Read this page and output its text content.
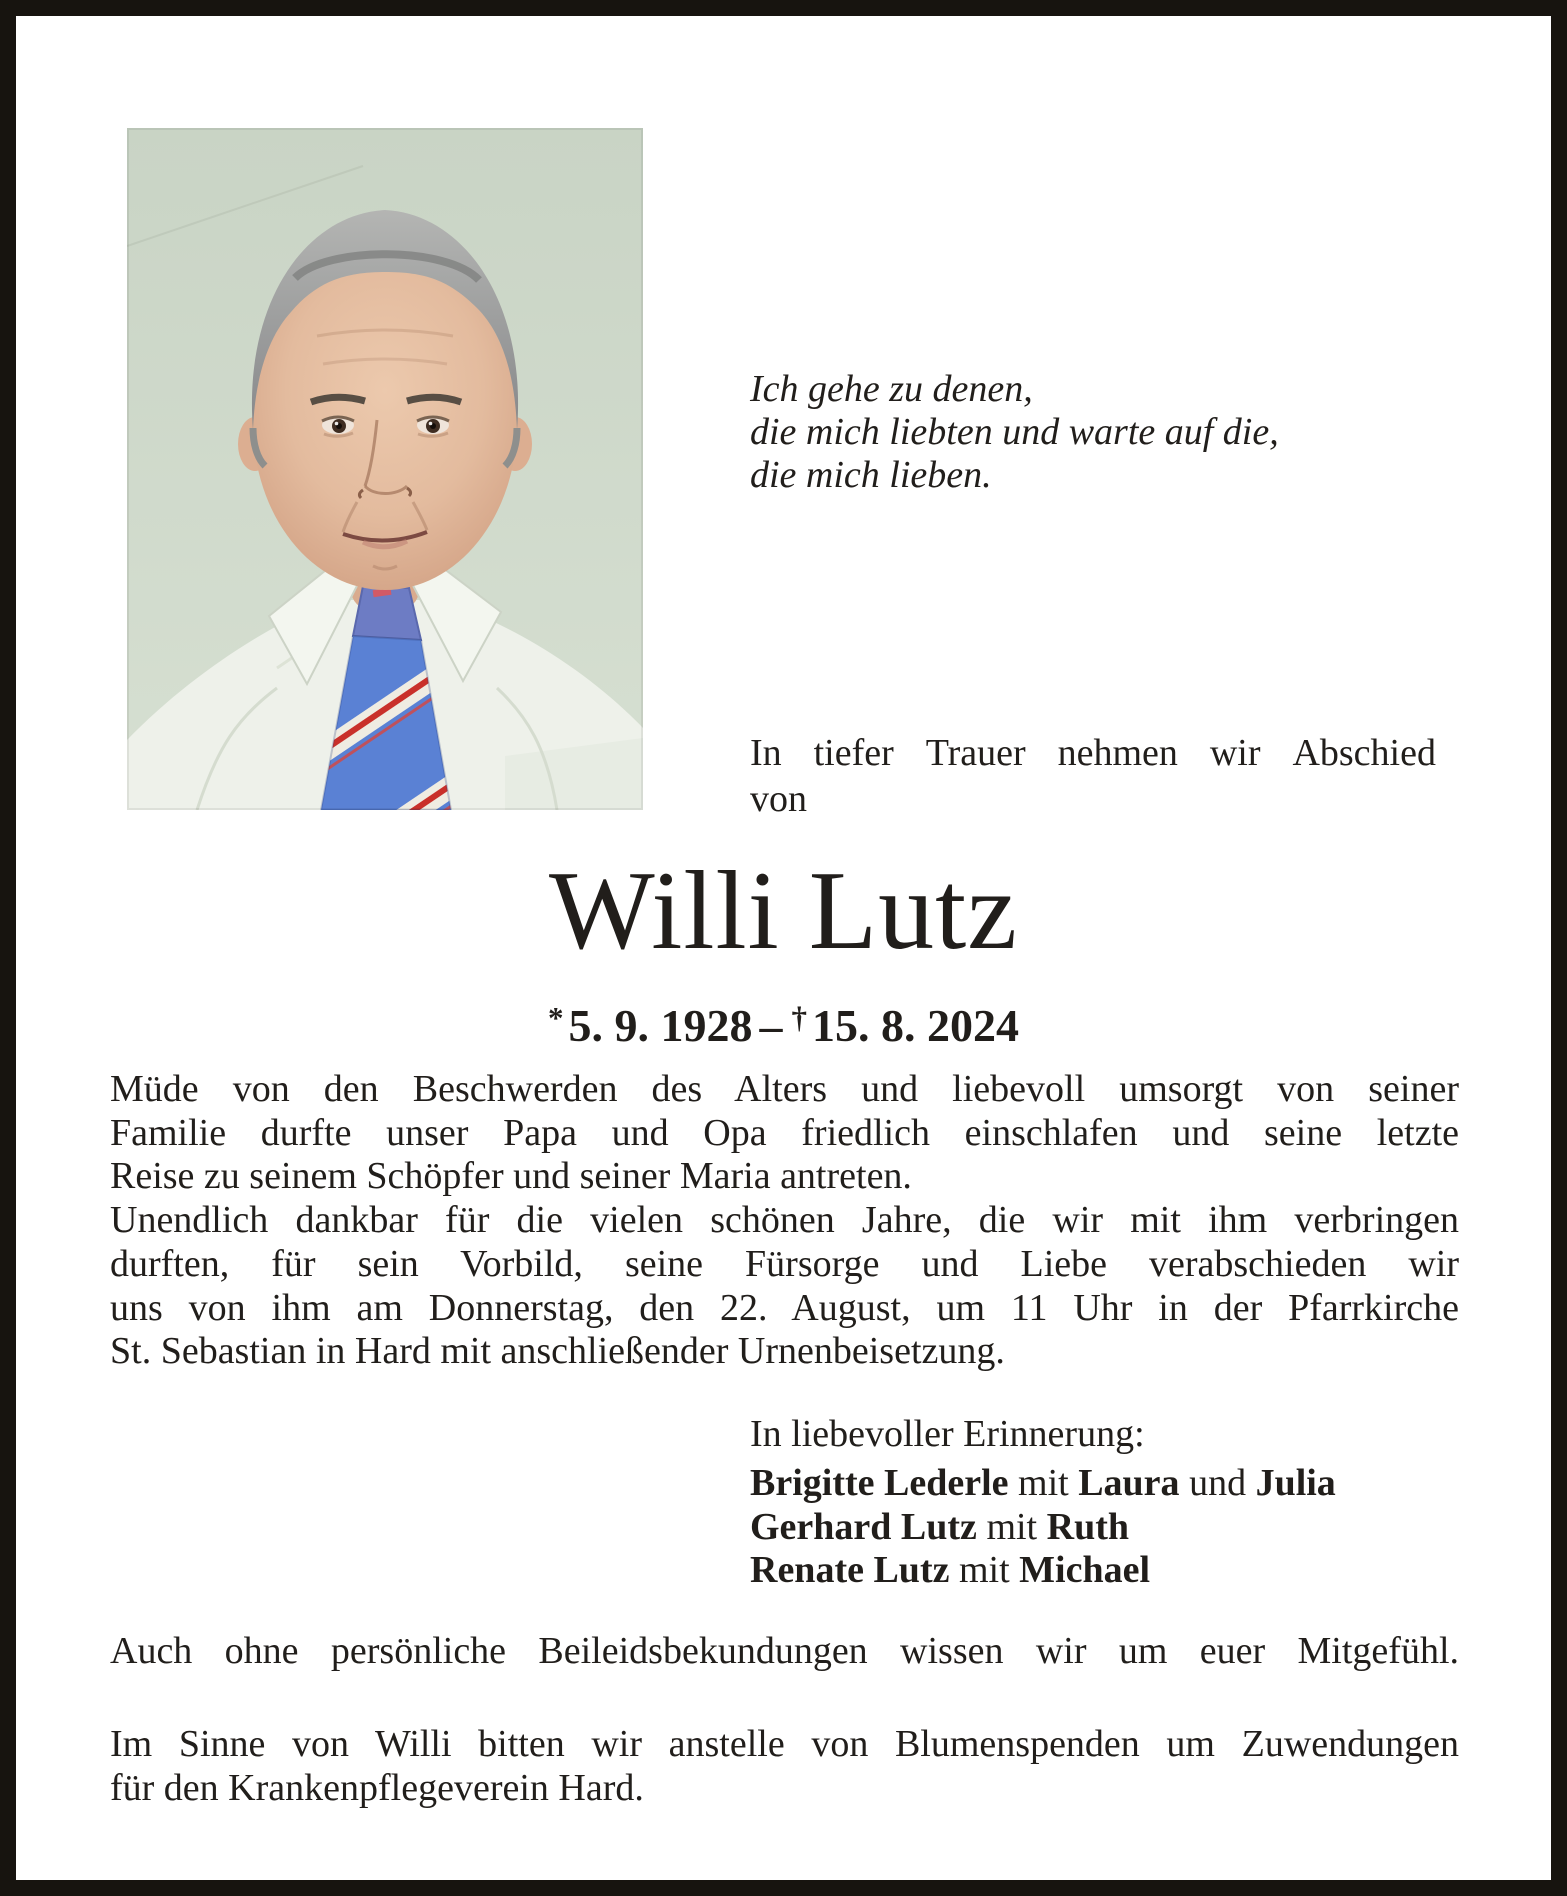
Ich gehe zu denen,
die mich liebten und warte auf die,
die mich lieben.
In tiefer Trauer nehmen wir Abschied
von
Willi Lutz
* 5. 9. 1928 – † 15. 8. 2024
Müde von den Beschwerden des Alters und liebevoll umsorgt von seiner
Familie durfte unser Papa und Opa friedlich einschlafen und seine letzte
Reise zu seinem Schöpfer und seiner Maria antreten.
Unendlich dankbar für die vielen schönen Jahre, die wir mit ihm verbringen
durften, für sein Vorbild, seine Fürsorge und Liebe verabschieden wir
uns von ihm am Donnerstag, den 22. August, um 11 Uhr in der Pfarrkirche
St. Sebastian in Hard mit anschließender Urnenbeisetzung.
In liebevoller Erinnerung:
Brigitte Lederle mit Laura und Julia
Gerhard Lutz mit Ruth
Renate Lutz mit Michael
Auch ohne persönliche Beileidsbekundungen wissen wir um euer Mitgefühl.
Im Sinne von Willi bitten wir anstelle von Blumenspenden um Zuwendungen
für den Krankenpflegeverein Hard.
